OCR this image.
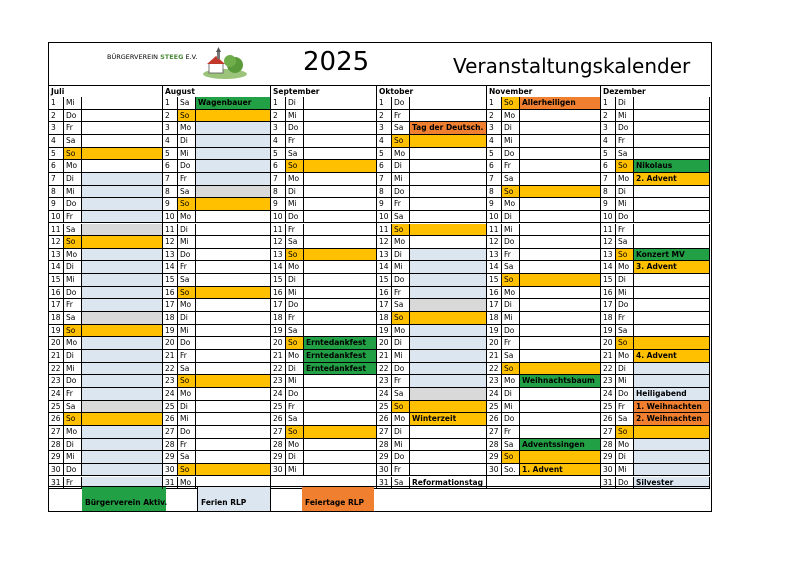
BÜRGERVEREIN STEEG E.V.	2025	Veranstaltungskalender
Juli
1	Mi
2	Do
3	Fr
4	Sa
5	So
6	Mo
7	Di
8	Mi
9	Do
10 Fr
11 Sa
12 So
13 Mo
14 Di
15 Mi
16 Do
17 Fr
18 Sa
19 So
20 Mo
21 Di
22 Mi
23 Do
24 Fr
25 Sa
26 So
27 Mo
28 Di
29 Mi
30 Do
31 Fr
August
1	Sa	Wagenbauer
2	So
3	Mo
4	Di
5	Mi
6	Do
7	Fr
8	Sa
9	So
10 Mo
11 Di
12 Mi
13 Do
14 Fr
15 Sa
16 So
17 Mo
18 Di
19 Mi
20 Do
21 Fr
22 Sa
23 So
24 Mo
25 Di
26 Mi
27 Do
28 Fr
29 Sa
30 So
31 Mo
September
1	Di
2	Mi
3	Do
4	Fr
5	Sa
6	So
7	Mo
8	Di
9	Mi
10 Do
11 Fr
12 Sa
13 So
14 Mo
15 Di
16 Mi
17 Do
18 Fr
19 Sa
20 So	Erntedankfest
21 Mo Erntedankfest
22 Di	Erntedankfest
23 Mi
24 Do
25 Fr
26 Sa
27 So
28 Mo
29 Di
30 Mi
Oktober
1	Do
2	Fr
3	Sa	Tag der Deutsch.
4	So
5	Mo
6	Di
7	Mi
8	Do
9	Fr
10 Sa
11 So
12 Mo
13 Di
14 Mi
15 Do
16 Fr
17 Sa
18 So
19 Mo
20 Di
21 Mi
22 Do
23 Fr
24 Sa
25 So
26 Mo Winterzeit
27 Di
28 Mi
29 Do
30 Fr
31 Sa	Reformationstag
November
1	So	Allerheiligen
2	Mo
3	Di
4	Mi
5	Do
6	Fr
7	Sa
8	So
9	Mo
10 Di
11 Mi
12 Do
13 Fr
14 Sa
15 So
16 Mo
17 Di
18 Mi
19 Do
20 Fr
21 Sa
22 So
23 Mo Weihnachtsbaum
24 Di
25 Mi
26 Do
27 Fr
28 Sa	Adventssingen
29 So
30 So. 1. Advent
Dezember
1	Di
2	Mi
3	Do
4	Fr
5	Sa
6	So	Nikolaus
7	Mo 2. Advent
8	Di
9	Mi
10 Do
11 Fr
12 Sa
13 So	Konzert MV
14 Mo 3. Advent
15 Di
16 Mi
17 Do
18 Fr
19 Sa
20 So
21 Mo 4. Advent
22 Di
23 Mi
24 Do	Heiligabend
25 Fr	1. Weihnachten
26 Sa	2. Weihnachten
27 So
28 Mo
29 Di
30 Mi
31 Do	Silvester
Bürgerverein Aktiv.	Ferien RLP	Feiertage RLP
